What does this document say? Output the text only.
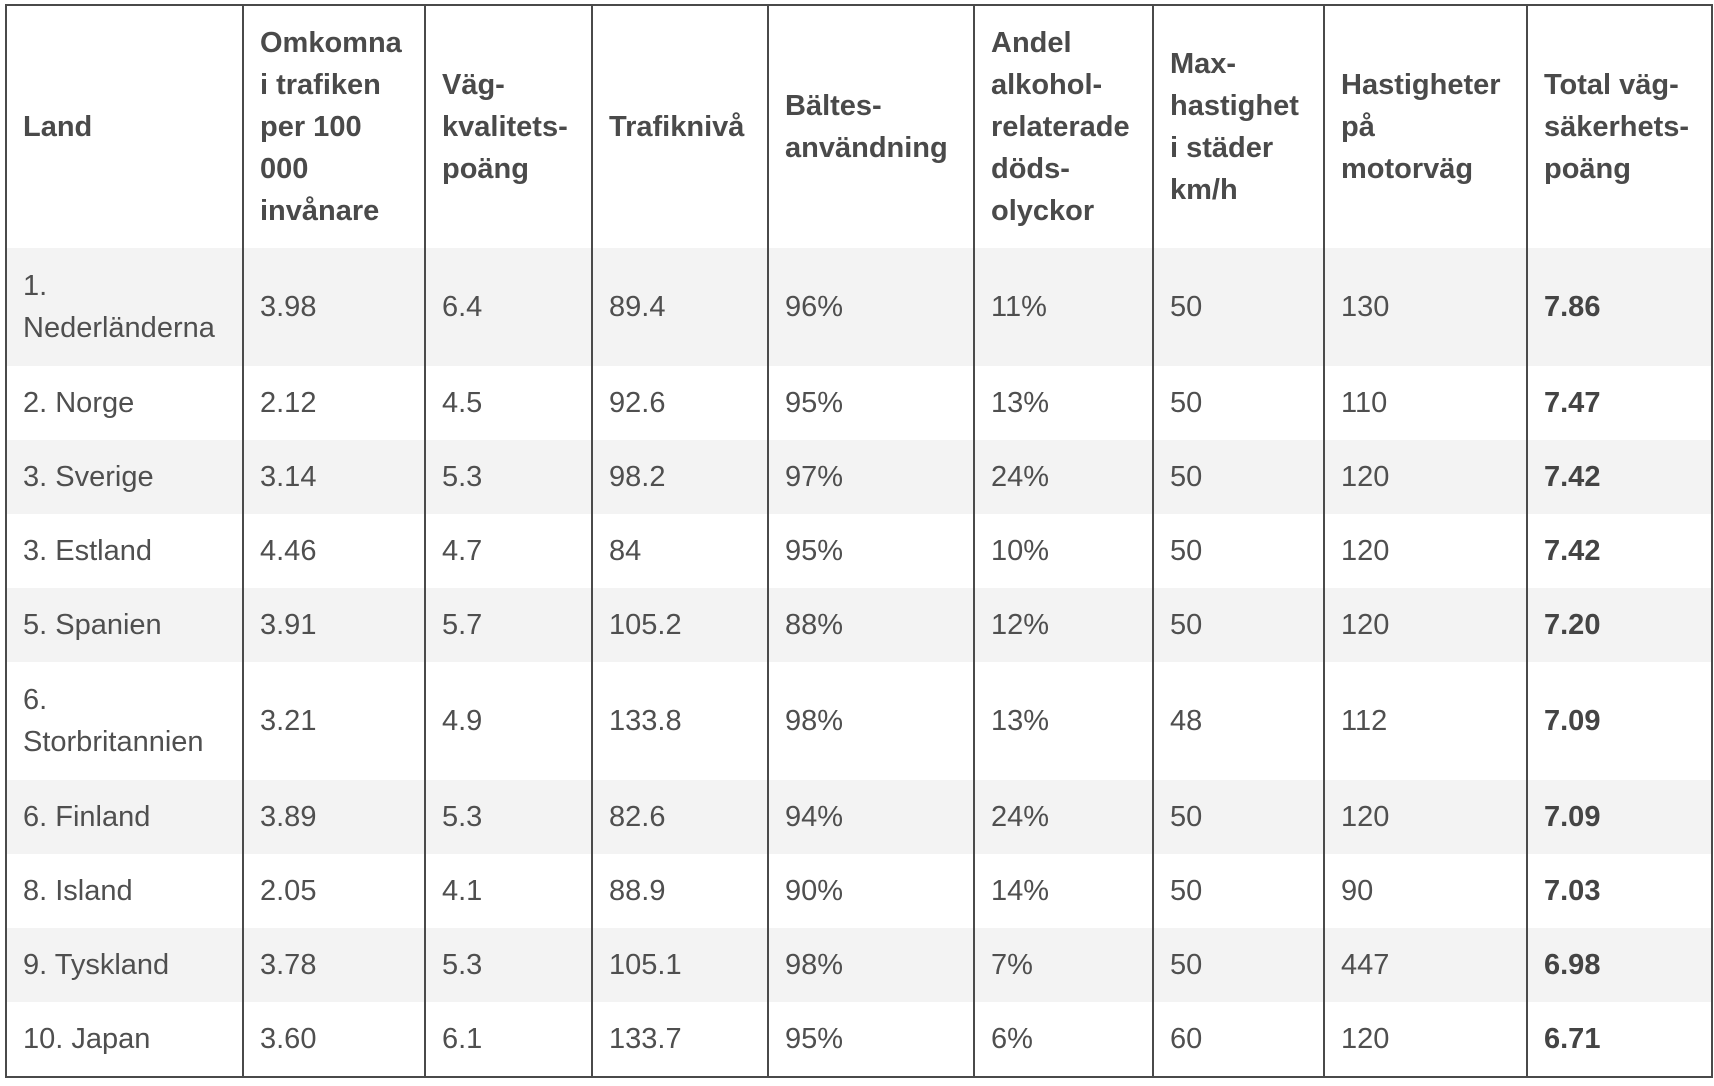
Land	Omkomna i trafiken per 100 000 invånare	Väg-kvalitets-poäng	Trafiknivå	Bältes-användning	Andel alkohol-relaterade döds-olyckor	Max-hastighet i städer km/h	Hastigheter på motorväg	Total väg-säkerhets-poäng
1. Nederländerna	3.98	6.4	89.4	96%	11%	50	130	7.86
2. Norge	2.12	4.5	92.6	95%	13%	50	110	7.47
3. Sverige	3.14	5.3	98.2	97%	24%	50	120	7.42
3. Estland	4.46	4.7	84	95%	10%	50	120	7.42
5. Spanien	3.91	5.7	105.2	88%	12%	50	120	7.20
6. Storbritannien	3.21	4.9	133.8	98%	13%	48	112	7.09
6. Finland	3.89	5.3	82.6	94%	24%	50	120	7.09
8. Island	2.05	4.1	88.9	90%	14%	50	90	7.03
9. Tyskland	3.78	5.3	105.1	98%	7%	50	447	6.98
10. Japan	3.60	6.1	133.7	95%	6%	60	120	6.71
